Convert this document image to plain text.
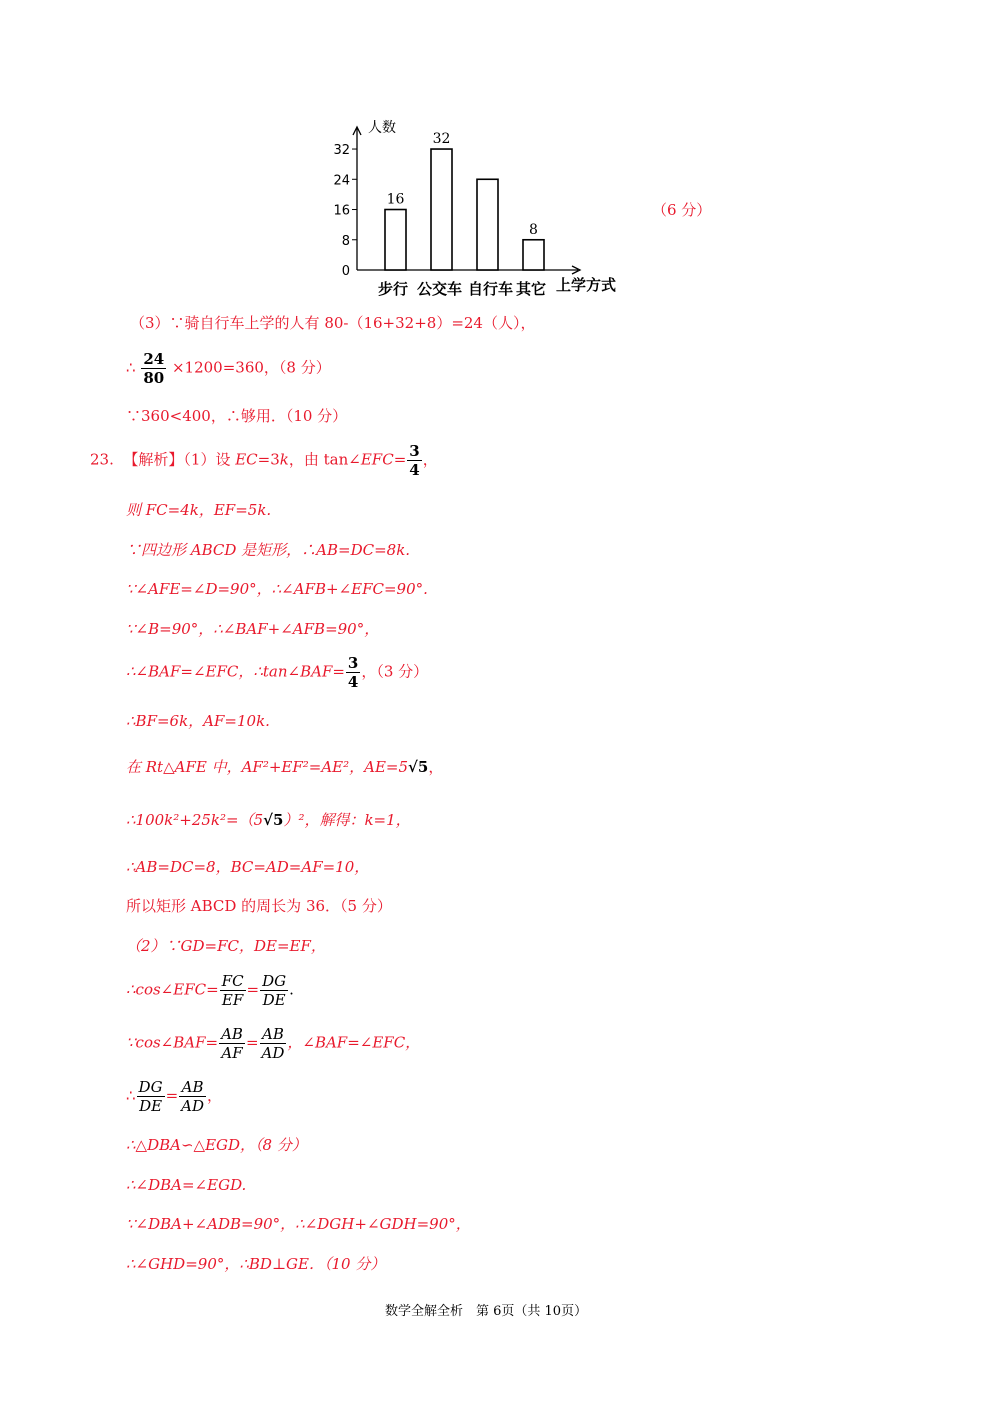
人数
上学方式
0
8
16
24
32
16
32
8
步行 公交车 自行车 其它
（6 分）
（3）∵骑自行车上学的人有 80-（16+32+8）=24（人），
∴ $\frac{24}{80} \times 1200=360$，（8 分）
∵360<400，∴够用．（10 分）
23. 【解析】（1）设 EC=3k，由 tan∠EFC= $\frac{3}{4}$ ，
则 FC=4k，EF=5k.
∵四边形 ABCD 是矩形，∴AB=DC=8k.
∵∠AFE=∠D=90°，∴∠AFB+∠EFC=90°.
∵∠B=90°，∴∠BAF+∠AFB=90°，
∴∠BAF=∠EFC，∴tan∠BAF= $\frac{3}{4}$ ，（3 分）
∴BF=6k，AF=10k.
在 Rt△AFE 中，AF²+EF²=AE²，AE=5√5，
∴100k²+25k²=（5√5）²，解得：k=1，
∴AB=DC=8，BC=AD=AF=10，
所以矩形 ABCD 的周长为 36．（5 分）
（2）∵GD=FC，DE=EF，
∴cos∠EFC= $\frac{FC}{EF} = \frac{DG}{DE}$ .
∵cos∠BAF= $\frac{AB}{AF} = \frac{AB}{AD}$ ，∠BAF=∠EFC，
∴ $\frac{DG}{DE} = \frac{AB}{AD}$ ，
∴△DBA∽△EGD，（8 分）
∴∠DBA=∠EGD.
∵∠DBA+∠ADB=90°，∴∠DGH+∠GDH=90°，
∴∠GHD=90°，∴BD⊥GE．（10 分）
数学全解全析　第 6页（共 10页）
